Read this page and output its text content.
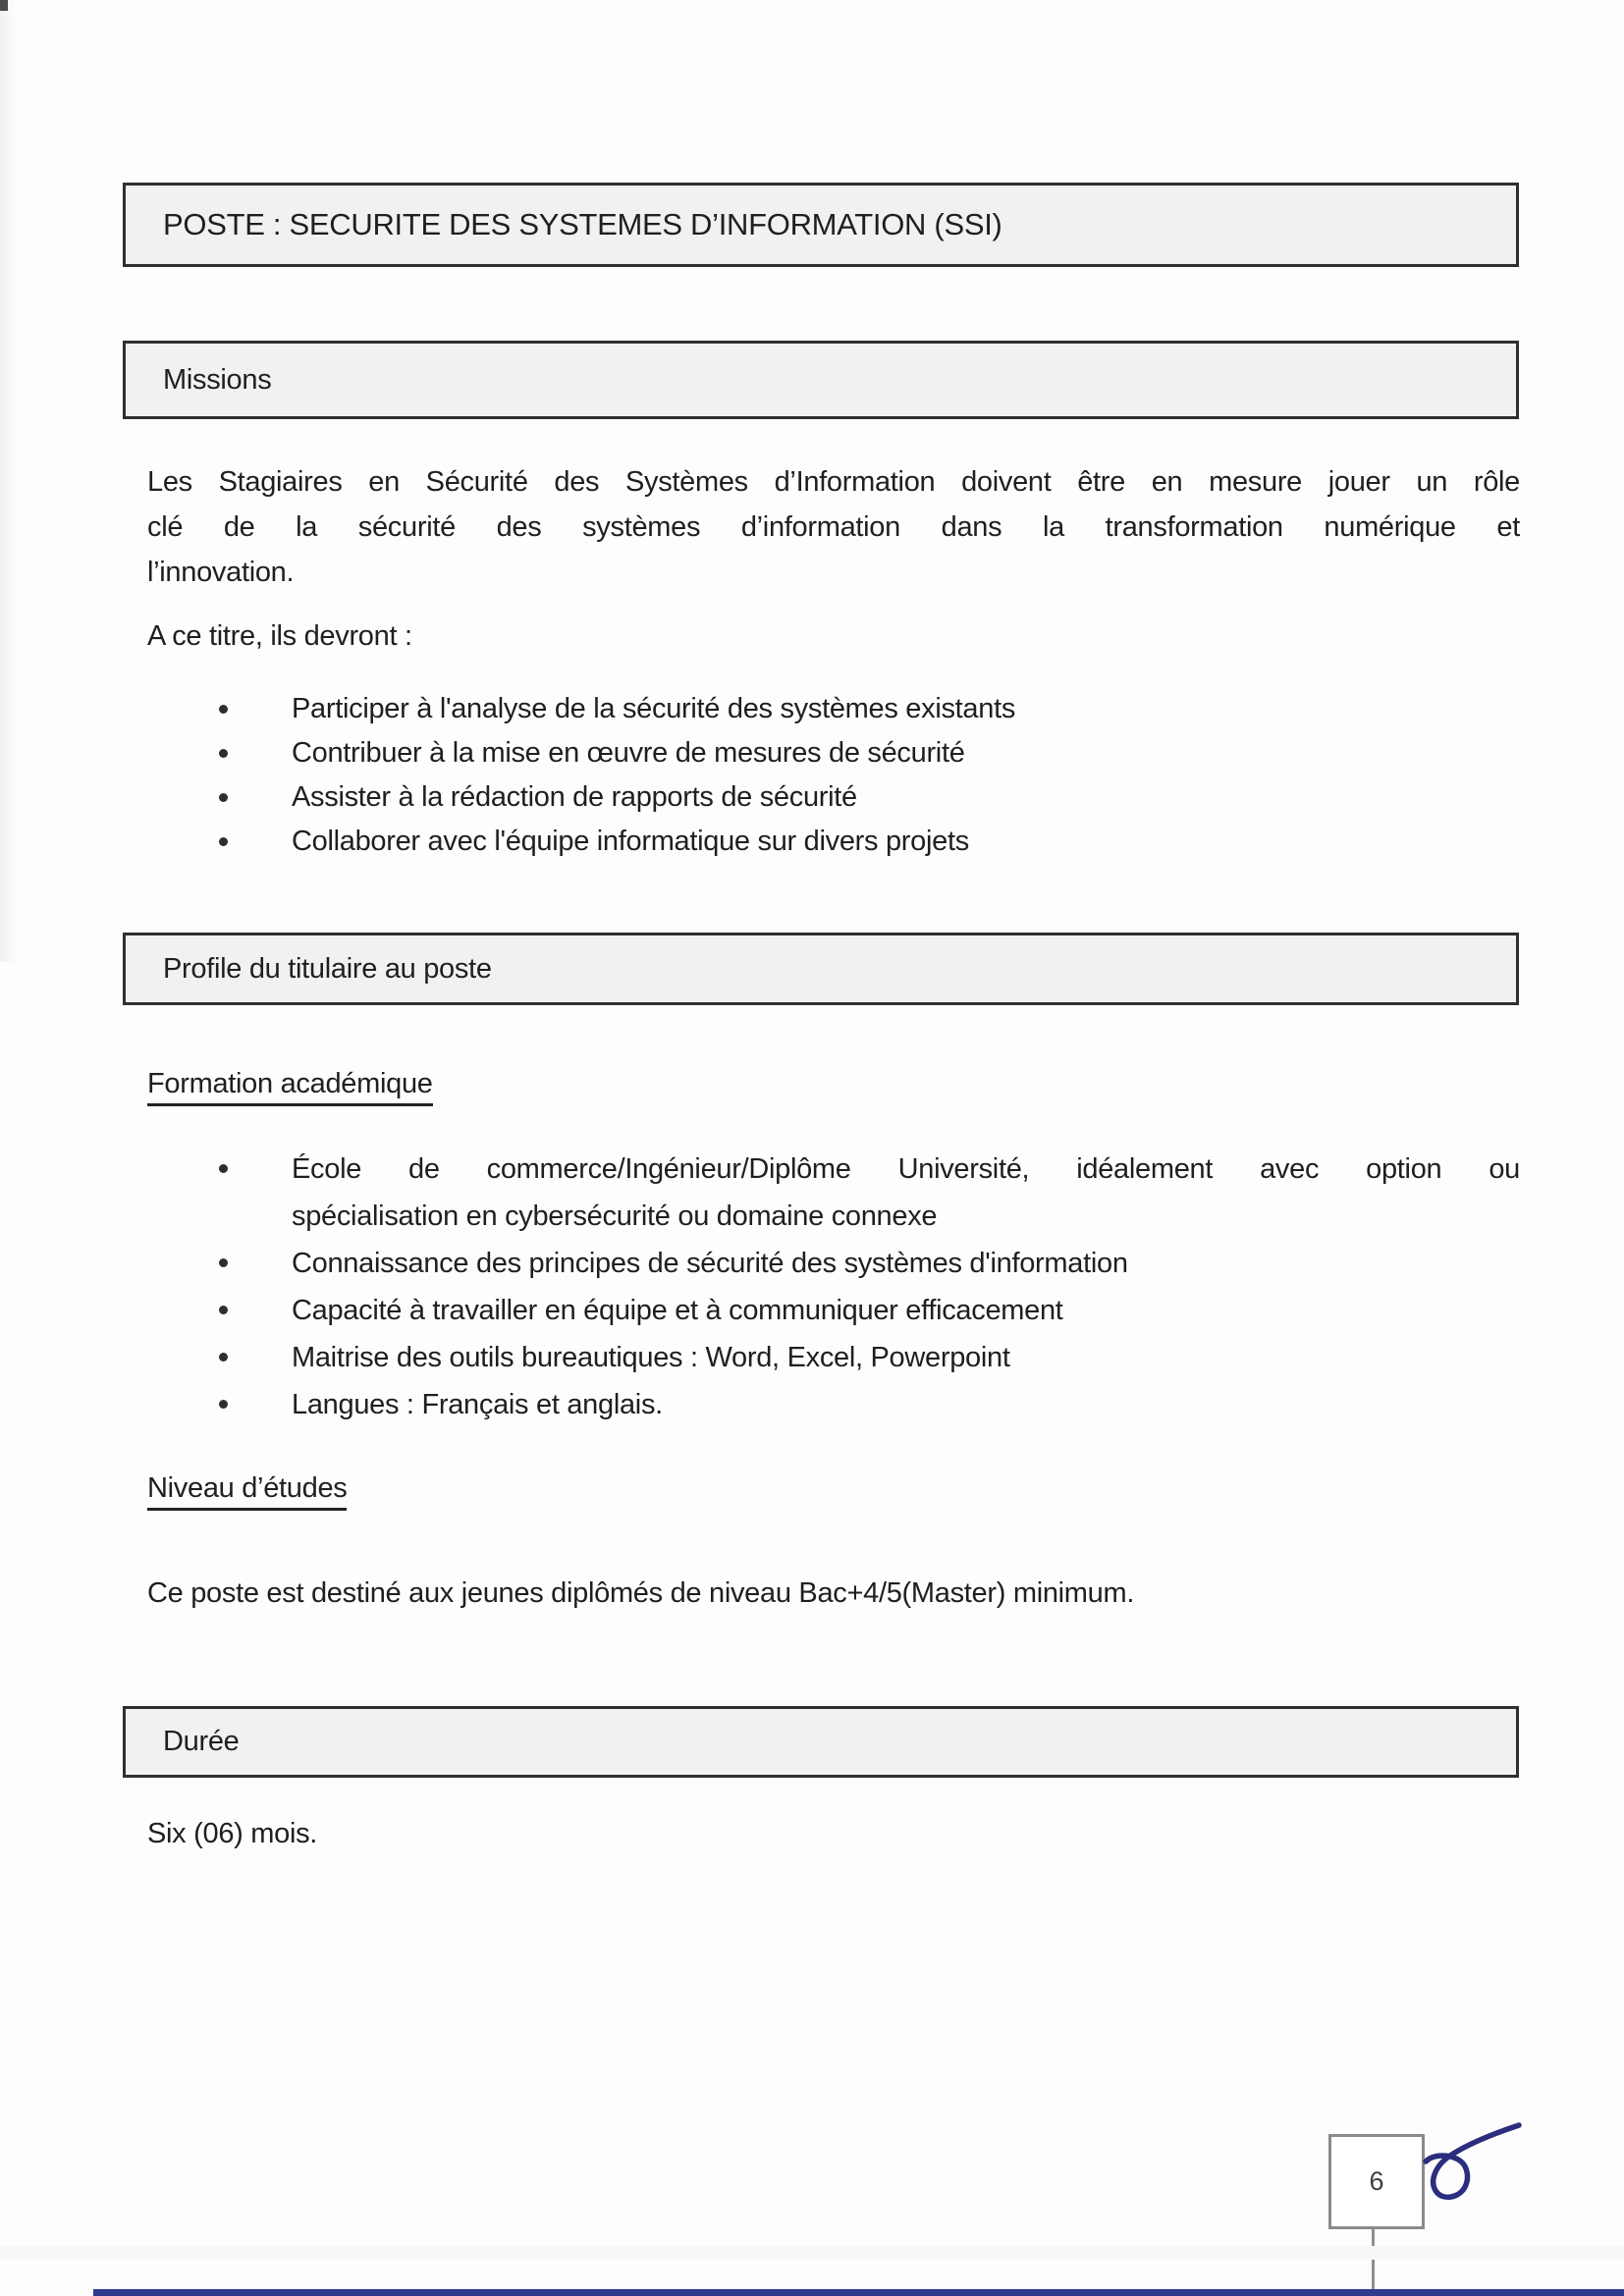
POSTE : SECURITE DES SYSTEMES D’INFORMATION (SSI)
Missions
Les Stagiaires en Sécurité des Systèmes d’Information doivent être en mesure jouer un rôle
clé de la sécurité des systèmes d’information dans la transformation numérique et
l’innovation.
A ce titre, ils devront :
Participer à l'analyse de la sécurité des systèmes existants
Contribuer à la mise en œuvre de mesures de sécurité
Assister à la rédaction de rapports de sécurité
Collaborer avec l'équipe informatique sur divers projets
Profile du titulaire au poste
Formation académique
École de commerce/Ingénieur/Diplôme Université, idéalement avec option ou
spécialisation en cybersécurité ou domaine connexe
Connaissance des principes de sécurité des systèmes d'information
Capacité à travailler en équipe et à communiquer efficacement
Maitrise des outils bureautiques : Word, Excel, Powerpoint
Langues : Français et anglais.
Niveau d’études
Ce poste est destiné aux jeunes diplômés de niveau Bac+4/5(Master) minimum.
Durée
Six (06) mois.
6
